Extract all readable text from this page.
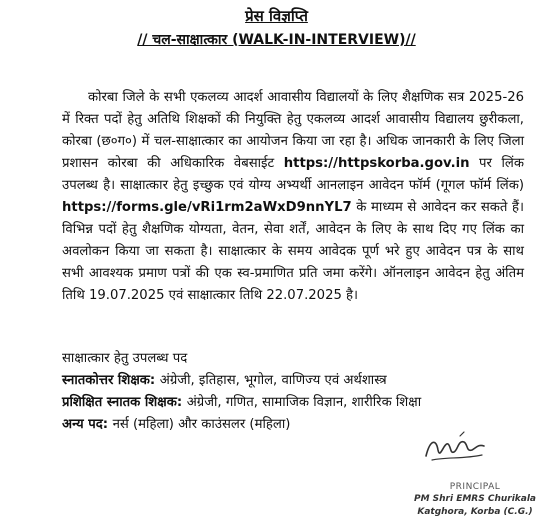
प्रेस विज्ञप्ति
// चल-साक्षात्कार (WALK-IN-INTERVIEW)//

कोरबा जिले के सभी एकलव्य आदर्श आवासीय विद्यालयों के लिए शैक्षणिक सत्र 2025-26 में रिक्त पदों हेतु अतिथि शिक्षकों की नियुक्ति हेतु एकलव्य आदर्श आवासीय विद्यालय छुरीकला, कोरबा (छ०ग०) में चल-साक्षात्कार का आयोजन किया जा रहा है। अधिक जानकारी के लिए जिला प्रशासन कोरबा की अधिकारिक वेबसाईट https://httpskorba.gov.in पर लिंक उपलब्ध है। साक्षात्कार हेतु इच्छुक एवं योग्य अभ्यर्थी आनलाइन आवेदन फॉर्म (गूगल फॉर्म लिंक) https://forms.gle/vRi1rm2aWxD9nnYL7 के माध्यम से आवेदन कर सकते हैं। विभिन्न पदों हेतु शैक्षणिक योग्यता, वेतन, सेवा शर्तें, आवेदन के लिए के साथ दिए गए लिंक का अवलोकन किया जा सकता है। साक्षात्कार के समय आवेदक पूर्ण भरे हुए आवेदन पत्र के साथ सभी आवश्यक प्रमाण पत्रों की एक स्व-प्रमाणित प्रति जमा करेंगे। ऑनलाइन आवेदन हेतु अंतिम तिथि 19.07.2025 एवं साक्षात्कार तिथि 22.07.2025 है।

साक्षात्कार हेतु उपलब्ध पद
स्नातकोत्तर शिक्षक: अंग्रेजी, इतिहास, भूगोल, वाणिज्य एवं अर्थशास्त्र
प्रशिक्षित स्नातक शिक्षक: अंग्रेजी, गणित, सामाजिक विज्ञान, शारीरिक शिक्षा
अन्य पद: नर्स (महिला) और काउंसलर (महिला)
PRINCIPAL
PM Shri EMRS Churikala
Katghora, Korba (C.G.)
